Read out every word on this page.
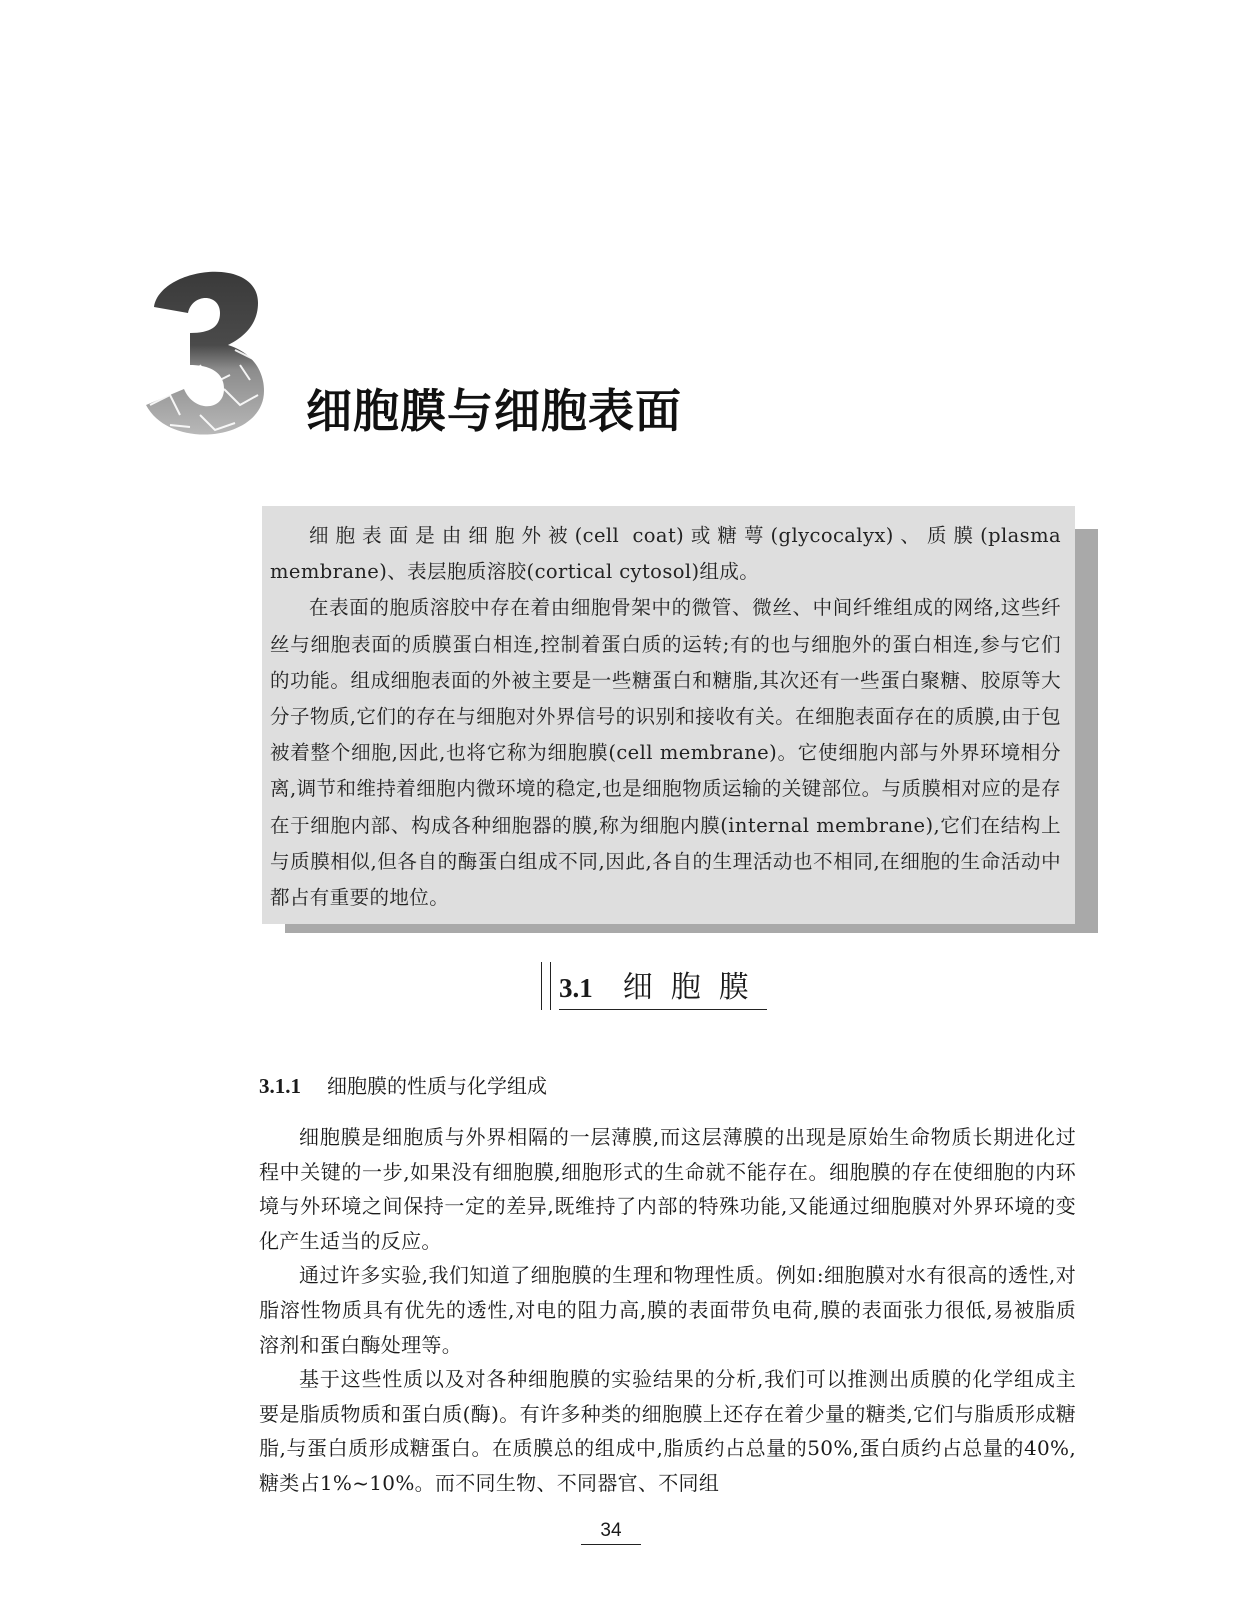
细胞膜与细胞表面

细胞表面是由细胞外被(cell coat)或糖萼(glycocalyx)、质膜(plasma membrane)、表层胞质溶胶(cortical cytosol)组成。

在表面的胞质溶胶中存在着由细胞骨架中的微管、微丝、中间纤维组成的网络,这些纤丝与细胞表面的质膜蛋白相连,控制着蛋白质的运转;有的也与细胞外的蛋白相连,参与它们的功能。组成细胞表面的外被主要是一些糖蛋白和糖脂,其次还有一些蛋白聚糖、胶原等大分子物质,它们的存在与细胞对外界信号的识别和接收有关。在细胞表面存在的质膜,由于包被着整个细胞,因此,也将它称为细胞膜(cell membrane)。它使细胞内部与外界环境相分离,调节和维持着细胞内微环境的稳定,也是细胞物质运输的关键部位。与质膜相对应的是存在于细胞内部、构成各种细胞器的膜,称为细胞内膜(internal membrane),它们在结构上与质膜相似,但各自的酶蛋白组成不同,因此,各自的生理活动也不相同,在细胞的生命活动中都占有重要的地位。

3.1 细胞膜
3.1.1 细胞膜的性质与化学组成

细胞膜是细胞质与外界相隔的一层薄膜,而这层薄膜的出现是原始生命物质长期进化过程中关键的一步,如果没有细胞膜,细胞形式的生命就不能存在。细胞膜的存在使细胞的内环境与外环境之间保持一定的差异,既维持了内部的特殊功能,又能通过细胞膜对外界环境的变化产生适当的反应。

通过许多实验,我们知道了细胞膜的生理和物理性质。例如:细胞膜对水有很高的透性,对脂溶性物质具有优先的透性,对电的阻力高,膜的表面带负电荷,膜的表面张力很低,易被脂质溶剂和蛋白酶处理等。

基于这些性质以及对各种细胞膜的实验结果的分析,我们可以推测出质膜的化学组成主要是脂质物质和蛋白质(酶)。有许多种类的细胞膜上还存在着少量的糖类,它们与脂质形成糖脂,与蛋白质形成糖蛋白。在质膜总的组成中,脂质约占总量的50%,蛋白质约占总量的40%,糖类占1%~10%。而不同生物、不同器官、不同组

34
